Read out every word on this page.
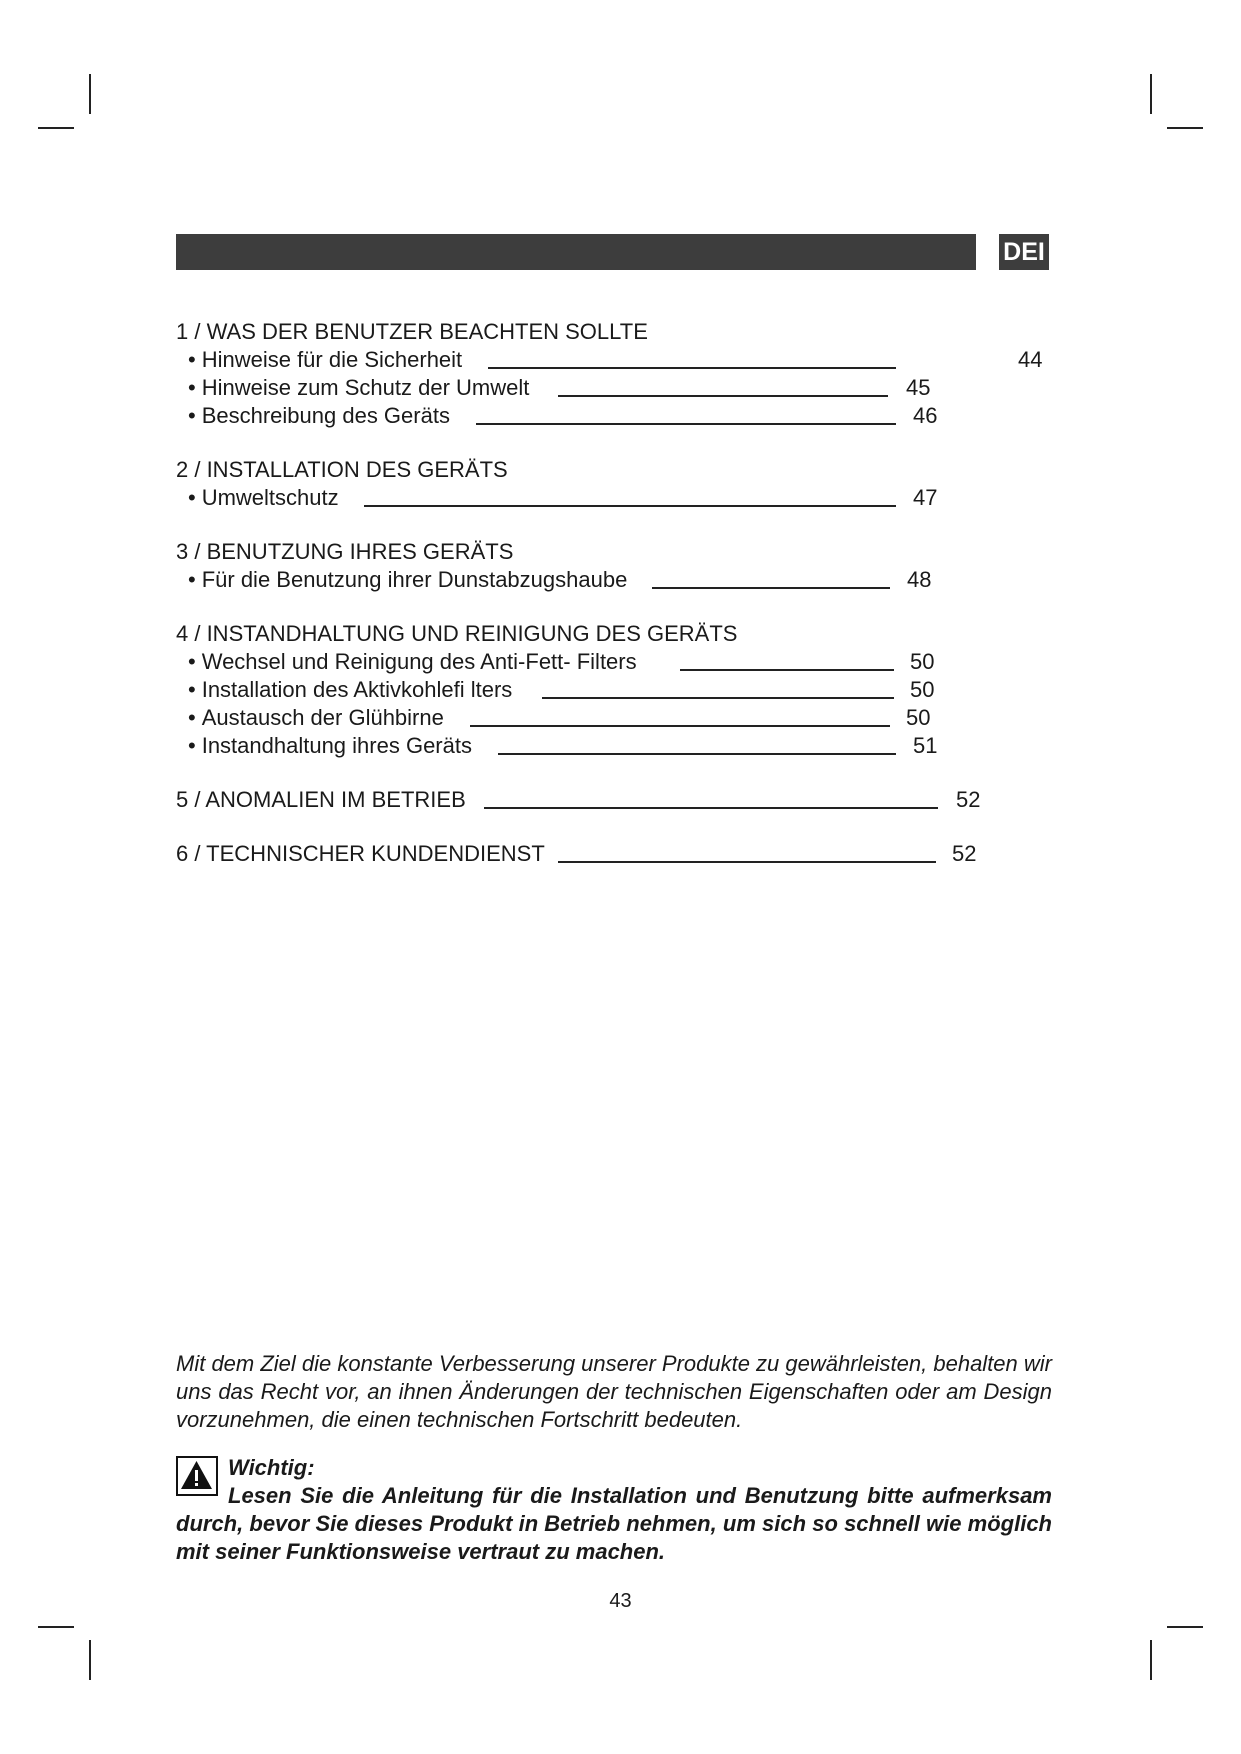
DEI
1 / WAS DER BENUTZER BEACHTEN SOLLTE
• Hinweise für die Sicherheit	44
• Hinweise zum Schutz der Umwelt	45
• Beschreibung des Geräts	46
2 / INSTALLATION DES GERÄTS
• Umweltschutz	47
3 / BENUTZUNG IHRES GERÄTS
• Für die Benutzung ihrer Dunstabzugshaube	48
4 / INSTANDHALTUNG UND REINIGUNG DES GERÄTS
• Wechsel und Reinigung des Anti-Fett- Filters	50
• Installation des Aktivkohlefi lters	50
• Austausch der Glühbirne	50
• Instandhaltung ihres Geräts	51
5 / ANOMALIEN IM BETRIEB	52
6 / TECHNISCHER KUNDENDIENST	52
Mit dem Ziel die konstante Verbesserung unserer Produkte zu gewährleisten, behalten wir uns das Recht vor, an ihnen Änderungen der technischen Eigenschaften oder am Design vorzunehmen, die einen technischen Fortschritt bedeuten.
Wichtig:
Lesen Sie die Anleitung für die Installation und Benutzung bitte aufmerksam durch, bevor Sie dieses Produkt in Betrieb nehmen, um sich so schnell wie möglich mit seiner Funktionsweise vertraut zu machen.
43
